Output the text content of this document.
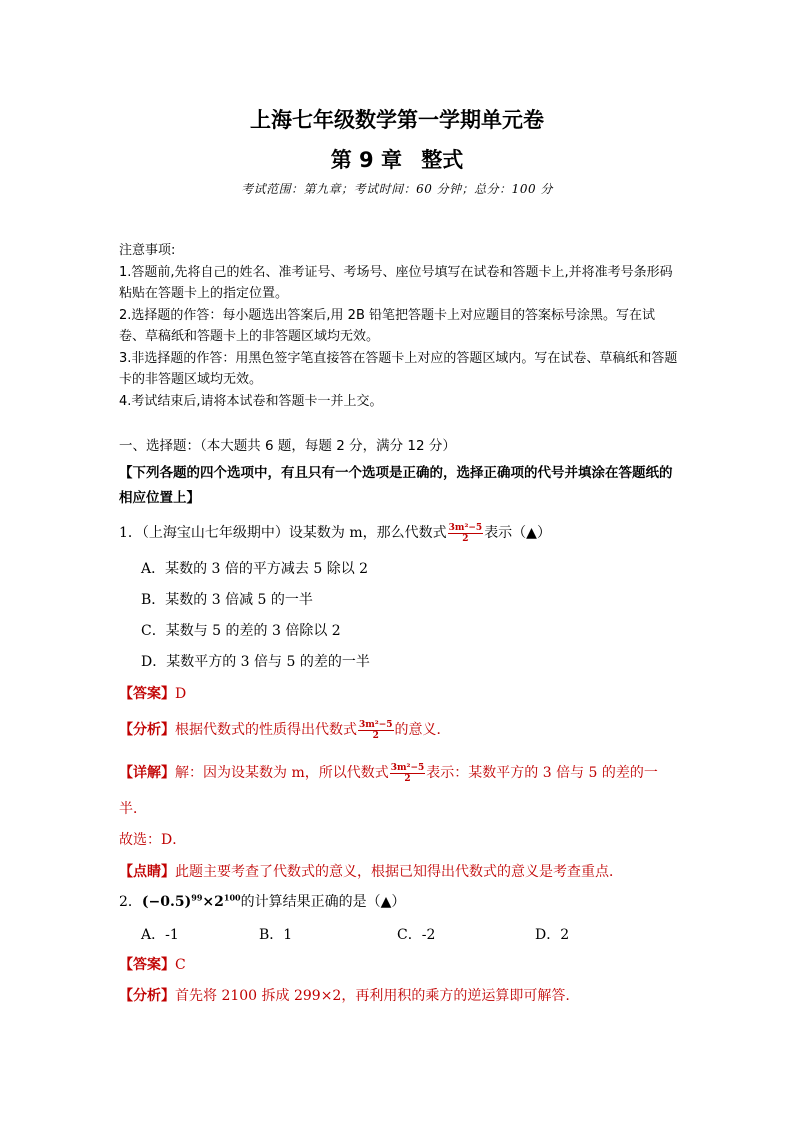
上海七年级数学第一学期单元卷
第 9 章 整式
考试范围：第九章；考试时间：60 分钟；总分：100 分

注意事项:

1.答题前,先将自己的姓名、准考证号、考场号、座位号填写在试卷和答题卡上,并将准考号条形码粘贴在答题卡上的指定位置。

2.选择题的作答：每小题选出答案后,用 2B 铅笔把答题卡上对应题目的答案标号涂黑。写在试卷、草稿纸和答题卡上的非答题区域均无效。

3.非选择题的作答：用黑色签字笔直接答在答题卡上对应的答题区域内。写在试卷、草稿纸和答题卡的非答题区域均无效。

4.考试结束后,请将本试卷和答题卡一并上交。

一、选择题：（本大题共 6 题，每题 2 分，满分 12 分）
【下列各题的四个选项中，有且只有一个选项是正确的，选择正确项的代号并填涂在答题纸的相应位置上】
1．（上海宝山七年级期中）设某数为 m，那么代数式 $\frac{\text{3m²−5}}{2}$ 表示（▲）
A．某数的 3 倍的平方减去 5 除以 2
B．某数的 3 倍减 5 的一半
C．某数与 5 的差的 3 倍除以 2
D．某数平方的 3 倍与 5 的差的一半
【答案】D
【分析】根据代数式的性质得出代数式 $\frac{\text{3m²−5}}{2}$ 的意义．
【详解】解：因为设某数为 m，所以代数式 $\frac{\text{3m²−5}}{2}$ 表示：某数平方的 3 倍与 5 的差的一
半．
故选：D．
【点睛】此题主要考查了代数式的意义，根据已知得出代数式的意义是考查重点．
2．$(-0.5)^{99}\times 2^{100}$的计算结果正确的是（▲）
A．-1	B．1	C．-2	D．2
【答案】C
【分析】首先将 2100 拆成 299×2，再利用积的乘方的逆运算即可解答.
